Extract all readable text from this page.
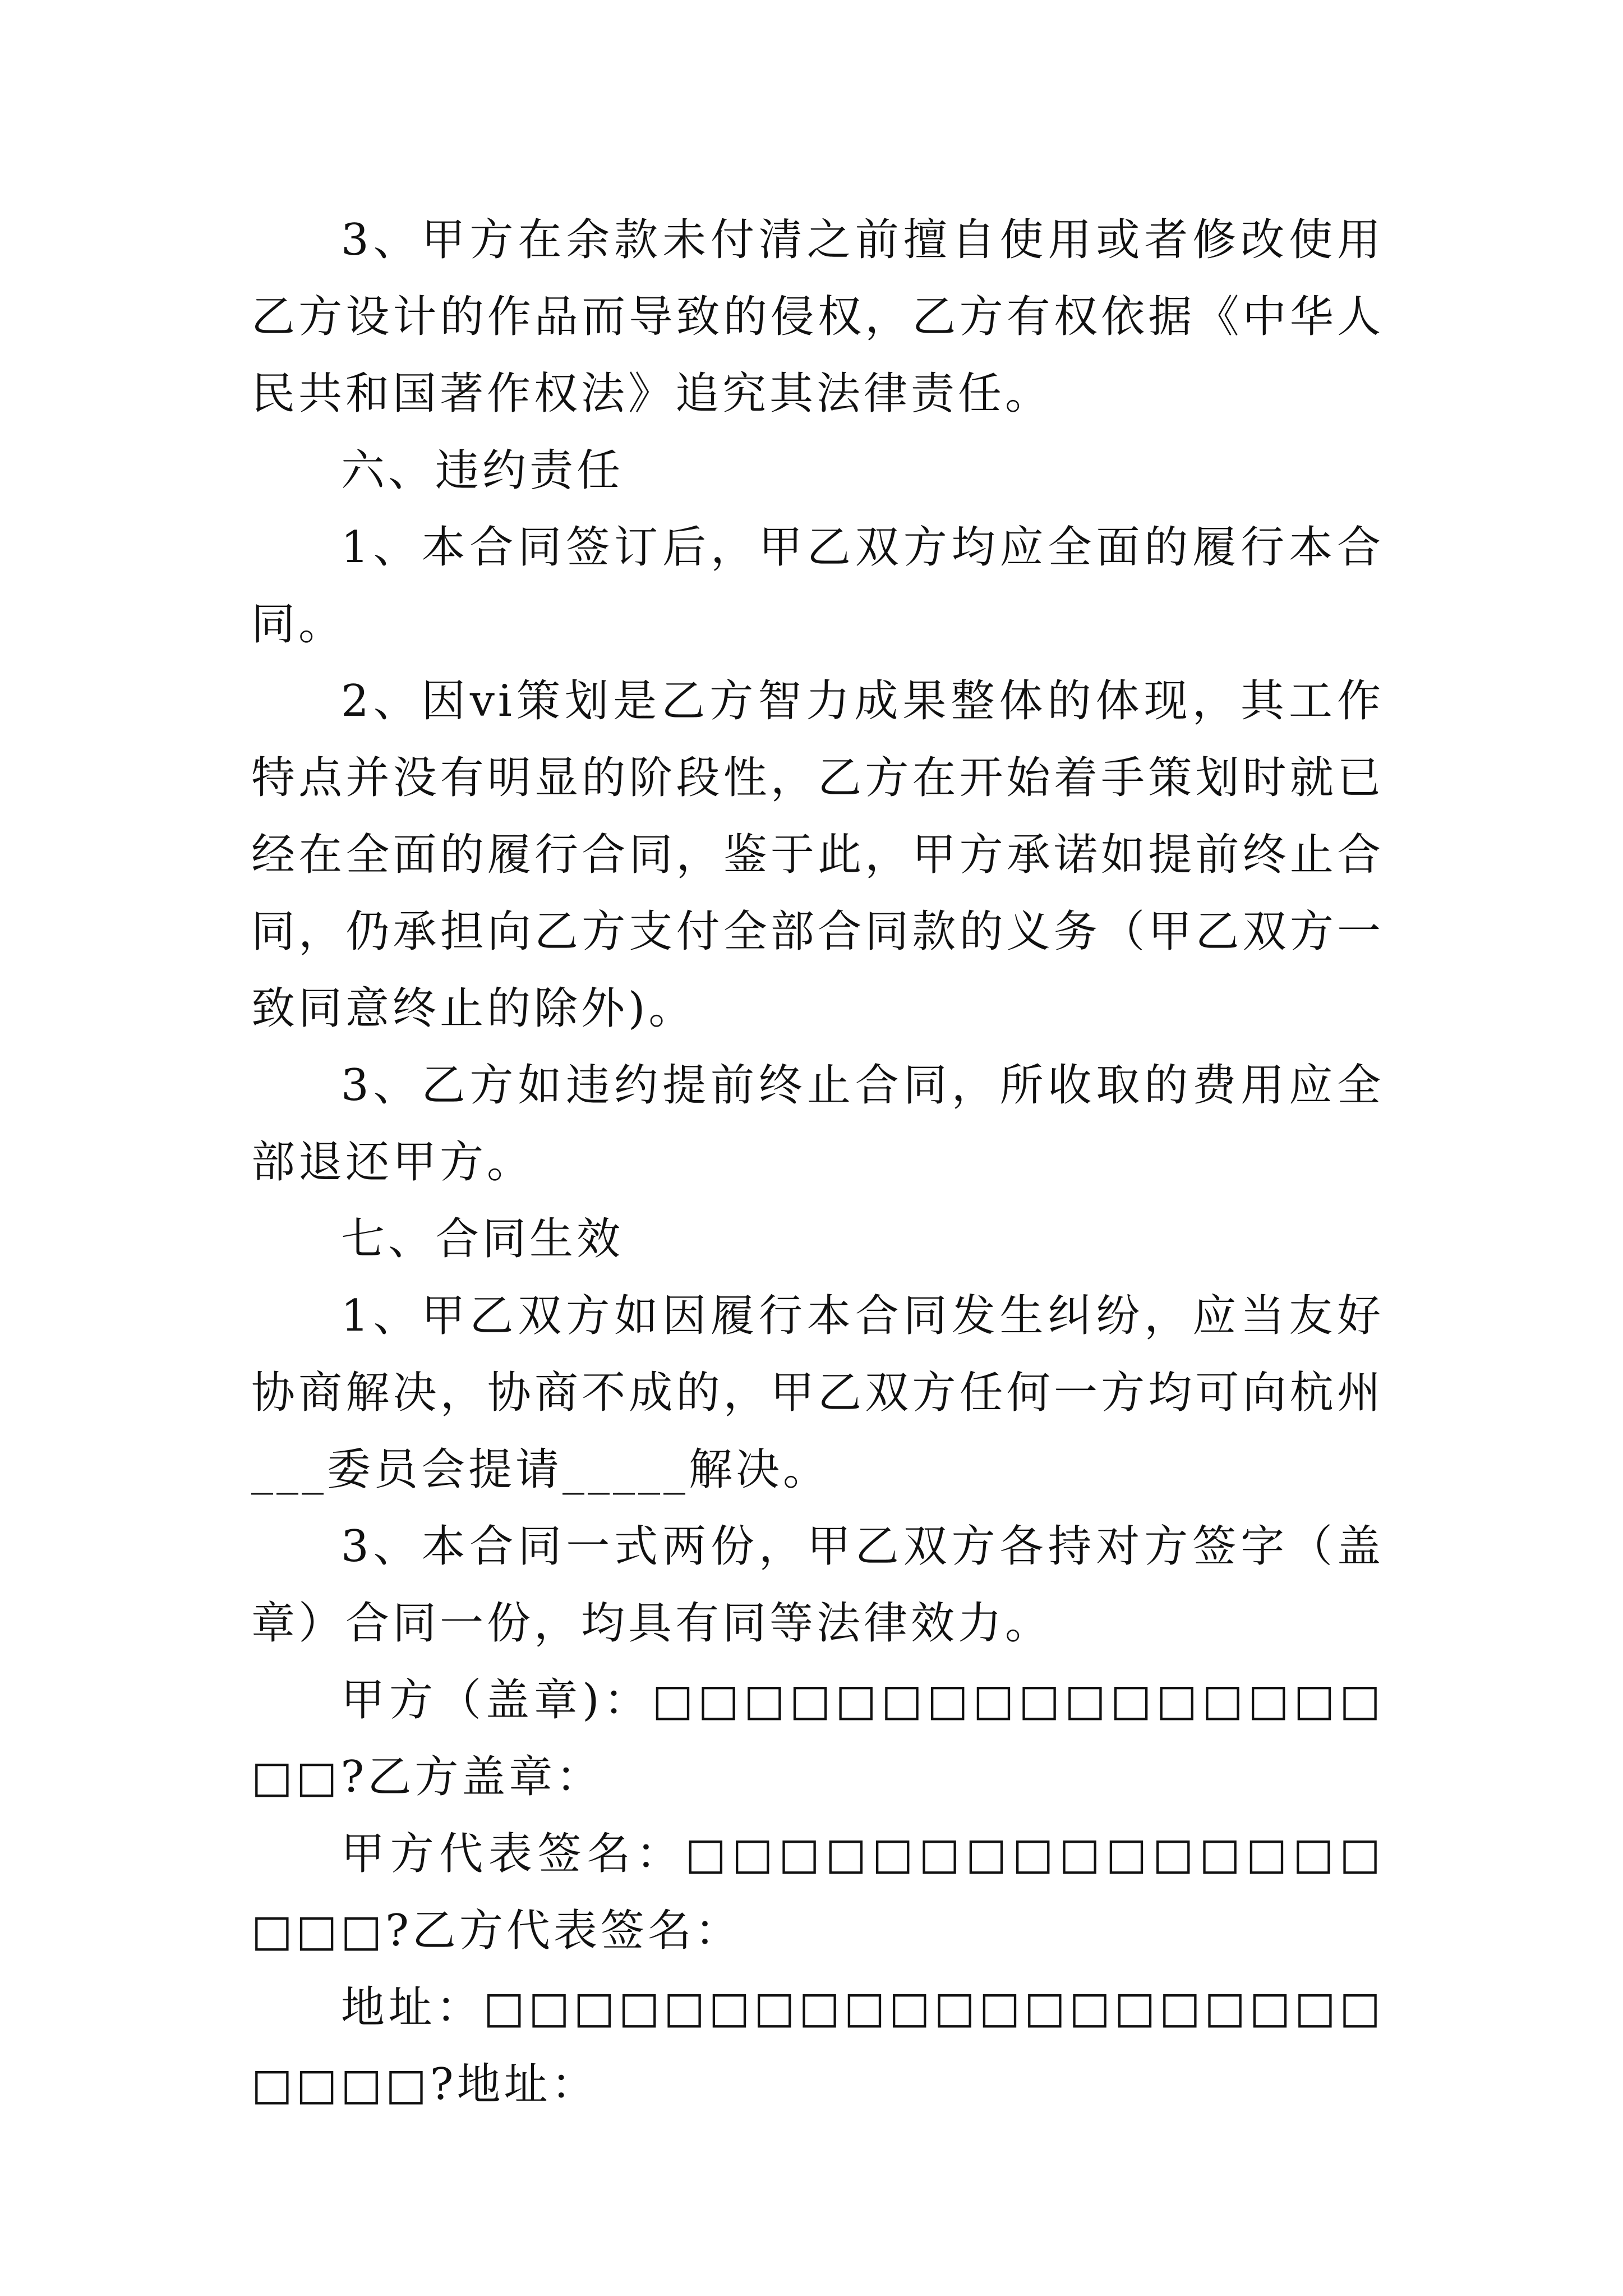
3、甲方在余款未付清之前擅自使用或者修改使用乙方设计的作品而导致的侵权，乙方有权依据《中华人民共和国著作权法》追究其法律责任。

六、违约责任

1、本合同签订后，甲乙双方均应全面的履行本合同。

2、因vi策划是乙方智力成果整体的体现，其工作特点并没有明显的阶段性，乙方在开始着手策划时就已经在全面的履行合同，鉴于此，甲方承诺如提前终止合同，仍承担向乙方支付全部合同款的义务（甲乙双方一致同意终止的除外)。

3、乙方如违约提前终止合同，所收取的费用应全部退还甲方。

七、合同生效

1、甲乙双方如因履行本合同发生纠纷，应当友好协商解决，协商不成的，甲乙双方任何一方均可向杭州___委员会提请_____解决。

3、本合同一式两份，甲乙双方各持对方签字（盖章）合同一份，均具有同等法律效力。

甲方（盖章)：□□□□□□□□□□□□□□□□□□?乙方盖章：

甲方代表签名：□□□□□□□□□□□□□□□□□□?乙方代表签名：

地址：□□□□□□□□□□□□□□□□□□□□□□□□?地址：
